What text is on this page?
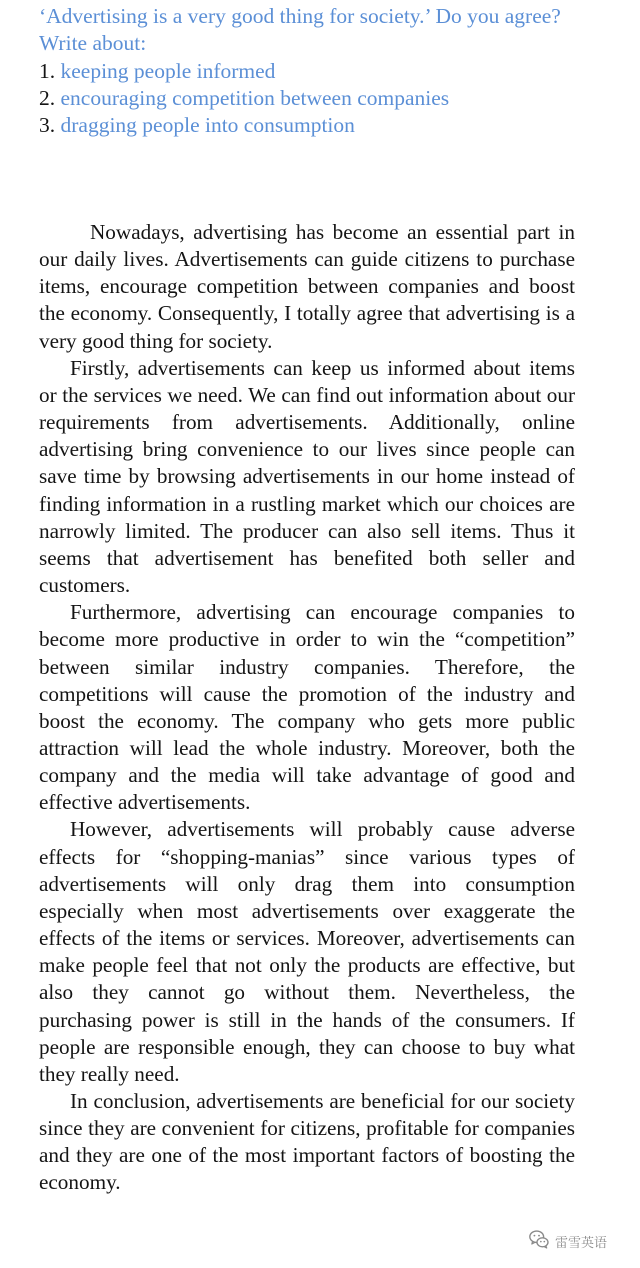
‘Advertising is a very good thing for society.’ Do you agree?
Write about:
1. keeping people informed
2. encouraging competition between companies
3. dragging people into consumption

Nowadays, advertising has become an essential part in our daily lives. Advertisements can guide citizens to purchase items, encourage competition between companies and boost the economy. Consequently, I totally agree that advertising is a very good thing for society.

Firstly, advertisements can keep us informed about items or the services we need. We can find out information about our requirements from advertisements. Additionally, online advertising bring convenience to our lives since people can save time by browsing advertisements in our home instead of finding information in a rustling market which our choices are narrowly limited. The producer can also sell items. Thus it seems that advertisement has benefited both seller and customers.

Furthermore, advertising can encourage companies to become more productive in order to win the “competition” between similar industry companies. Therefore, the competitions will cause the promotion of the industry and boost the economy. The company who gets more public attraction will lead the whole industry. Moreover, both the company and the media will take advantage of good and effective advertisements.

However, advertisements will probably cause adverse effects for “shopping-manias” since various types of advertisements will only drag them into consumption especially when most advertisements over exaggerate the effects of the items or services. Moreover, advertisements can make people feel that not only the products are effective, but also they cannot go without them. Nevertheless, the purchasing power is still in the hands of the consumers. If people are responsible enough, they can choose to buy what they really need.

In conclusion, advertisements are beneficial for our society since they are convenient for citizens, profitable for companies and they are one of the most important factors of boosting the economy.

雷雪英语
